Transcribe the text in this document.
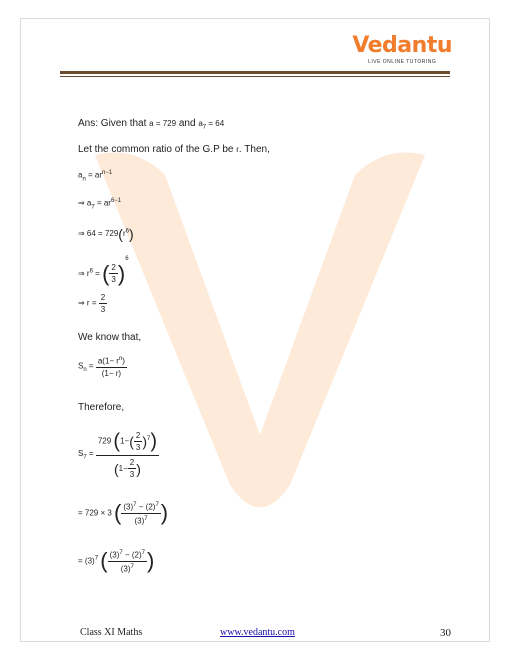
Vedantu
LIVE ONLINE TUTORING
Ans: Given that a = 729 and $a_7 = 64$
Let the common ratio of the G.P be r. Then,
$a_n = ar^{n-1}$
⇒ $a_7 = ar^{6-1}$
⇒ $64 = 729(r^6)$
⇒ $r^6$ = ( $\frac{2}{3} )^6$
⇒ $r = \frac{2}{3}$
We know that,
$S_n = \frac{a(1- r^n)}{(1- r)}$
Therefore,
$S_7 = \frac{729 (1-( \frac{2}{3} )^7)}{(1- \frac{2}{3} )}$
= 729 × 3 ( $\frac{(3)^7 - (2)^7}{(3)^7}$ )
= $(3)^7$ ( $\frac{(3)^7 - (2)^7}{(3)^7}$ )
Class XI Maths	www.vedantu.com	30
